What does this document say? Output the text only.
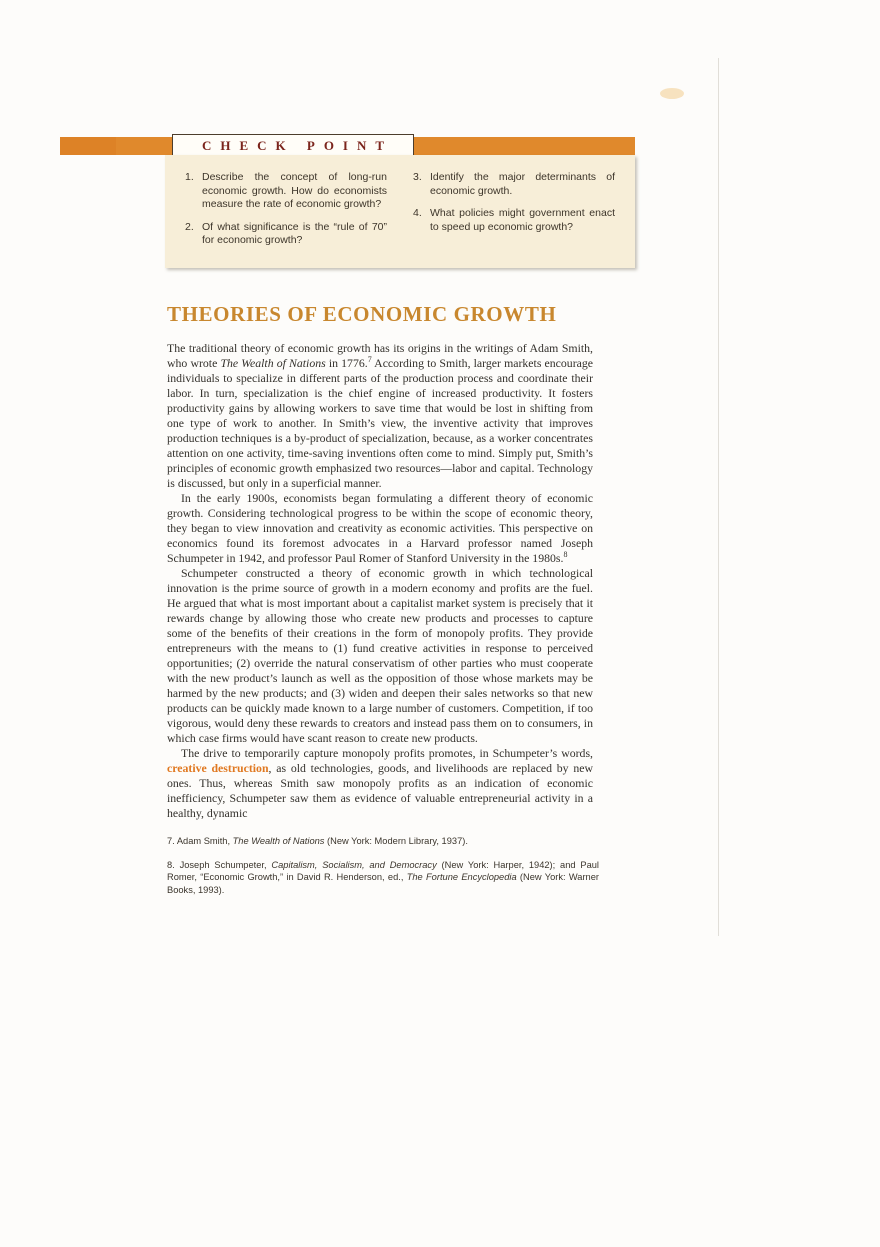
CHECK POINT
1. Describe the concept of long-run economic growth. How do economists measure the rate of economic growth?
2. Of what significance is the “rule of 70” for economic growth?
3. Identify the major determinants of economic growth.
4. What policies might government enact to speed up economic growth?
THEORIES OF ECONOMIC GROWTH

The traditional theory of economic growth has its origins in the writings of Adam Smith, who wrote The Wealth of Nations in 1776.$^7$ According to Smith, larger markets encourage individuals to specialize in different parts of the production process and coordinate their labor. In turn, specialization is the chief engine of increased productivity. It fosters productivity gains by allowing workers to save time that would be lost in shifting from one type of work to another. In Smith’s view, the inventive activity that improves production techniques is a by-product of specialization, because, as a worker concentrates attention on one activity, time-saving inventions often come to mind. Simply put, Smith’s principles of economic growth emphasized two resources—labor and capital. Technology is discussed, but only in a superficial manner.

In the early 1900s, economists began formulating a different theory of economic growth. Considering technological progress to be within the scope of economic theory, they began to view innovation and creativity as economic activities. This perspective on economics found its foremost advocates in a Harvard professor named Joseph Schumpeter in 1942, and professor Paul Romer of Stanford University in the 1980s.$^8$

Schumpeter constructed a theory of economic growth in which technological innovation is the prime source of growth in a modern economy and profits are the fuel. He argued that what is most important about a capitalist market system is precisely that it rewards change by allowing those who create new products and processes to capture some of the benefits of their creations in the form of monopoly profits. They provide entrepreneurs with the means to (1) fund creative activities in response to perceived opportunities; (2) override the natural conservatism of other parties who must cooperate with the new product’s launch as well as the opposition of those whose markets may be harmed by the new products; and (3) widen and deepen their sales networks so that new products can be quickly made known to a large number of customers. Competition, if too vigorous, would deny these rewards to creators and instead pass them on to consumers, in which case firms would have scant reason to create new products.

The drive to temporarily capture monopoly profits promotes, in Schumpeter’s words, creative destruction, as old technologies, goods, and livelihoods are replaced by new ones. Thus, whereas Smith saw monopoly profits as an indication of economic inefficiency, Schumpeter saw them as evidence of valuable entrepreneurial activity in a healthy, dynamic

7. Adam Smith, The Wealth of Nations (New York: Modern Library, 1937).

8. Joseph Schumpeter, Capitalism, Socialism, and Democracy (New York: Harper, 1942); and Paul Romer, “Economic Growth,” in David R. Henderson, ed., The Fortune Encyclopedia (New York: Warner Books, 1993).
